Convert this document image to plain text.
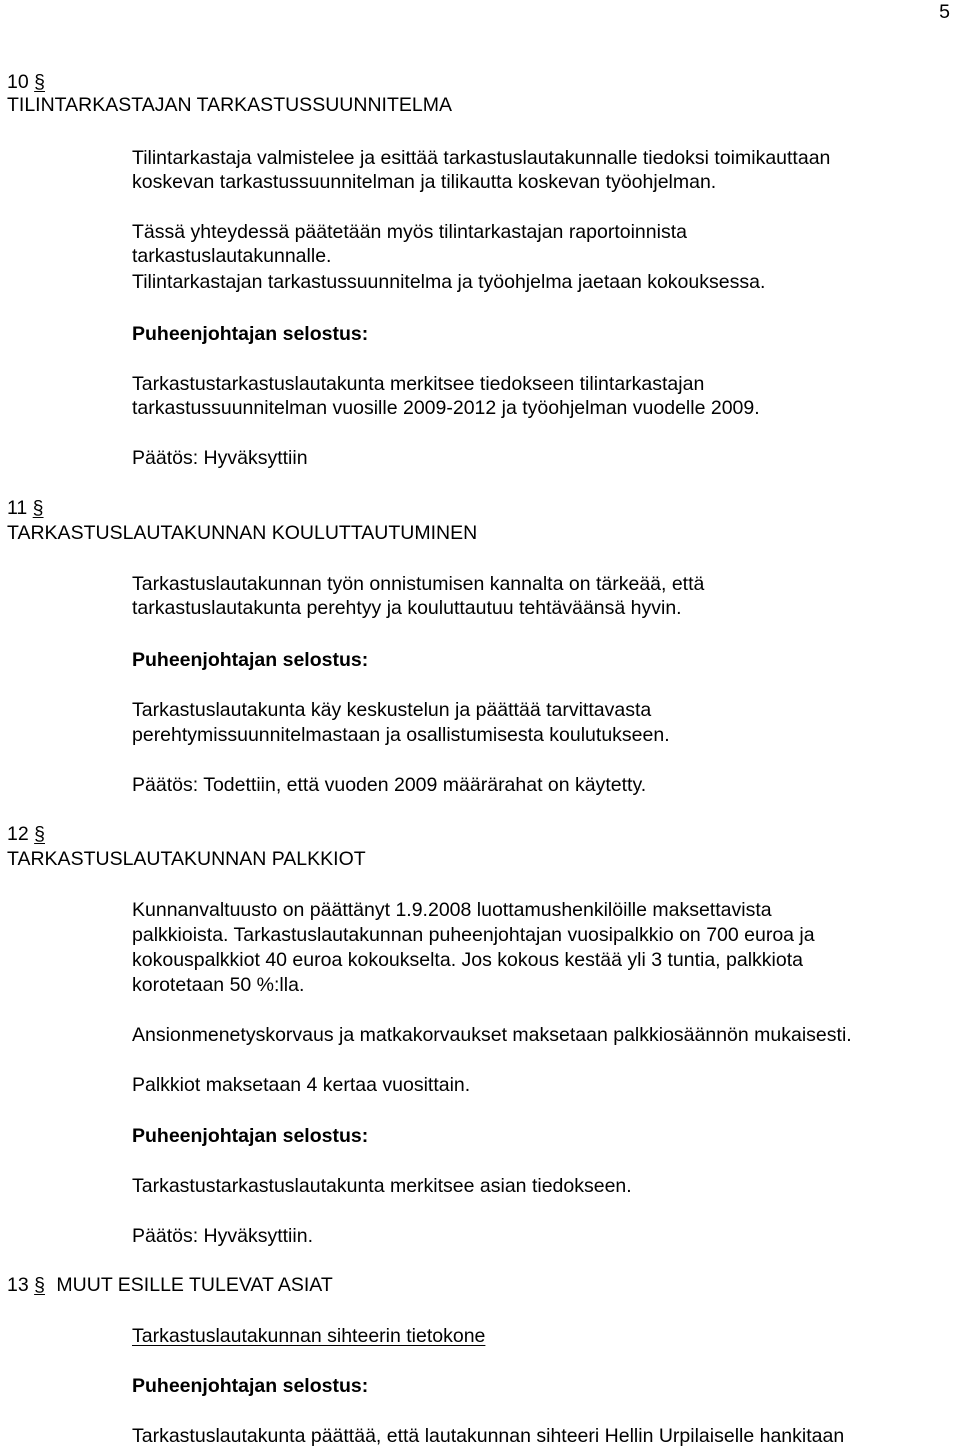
5
10 §
TILINTARKASTAJAN TARKASTUSSUUNNITELMA
Tilintarkastaja valmistelee ja esittää tarkastuslautakunnalle tiedoksi toimikauttaan
koskevan tarkastussuunnitelman ja tilikautta koskevan työohjelman.
Tässä yhteydessä päätetään myös tilintarkastajan raportoinnista
tarkastuslautakunnalle.
Tilintarkastajan tarkastussuunnitelma ja työohjelma jaetaan kokouksessa.
Puheenjohtajan selostus:
Tarkastustarkastuslautakunta merkitsee tiedokseen tilintarkastajan
tarkastussuunnitelman vuosille 2009-2012 ja työohjelman vuodelle 2009.
Päätös: Hyväksyttiin
11 §
TARKASTUSLAUTAKUNNAN KOULUTTAUTUMINEN
Tarkastuslautakunnan työn onnistumisen kannalta on tärkeää, että
tarkastuslautakunta perehtyy ja kouluttautuu tehtäväänsä hyvin.
Puheenjohtajan selostus:
Tarkastuslautakunta käy keskustelun ja päättää tarvittavasta
perehtymissuunnitelmastaan ja osallistumisesta koulutukseen.
Päätös: Todettiin, että vuoden 2009 määrärahat on käytetty.
12 §
TARKASTUSLAUTAKUNNAN PALKKIOT
Kunnanvaltuusto on päättänyt 1.9.2008 luottamushenkilöille maksettavista
palkkioista. Tarkastuslautakunnan puheenjohtajan vuosipalkkio on 700 euroa ja
kokouspalkkiot 40 euroa kokoukselta. Jos kokous kestää yli 3 tuntia, palkkiota
korotetaan 50 %:lla.
Ansionmenetyskorvaus ja matkakorvaukset maksetaan palkkiosäännön mukaisesti.
Palkkiot maksetaan 4 kertaa vuosittain.
Puheenjohtajan selostus:
Tarkastustarkastuslautakunta merkitsee asian tiedokseen.
Päätös: Hyväksyttiin.
13 § MUUT ESILLE TULEVAT ASIAT
Tarkastuslautakunnan sihteerin tietokone
Puheenjohtajan selostus:
Tarkastuslautakunta päättää, että lautakunnan sihteeri Hellin Urpilaiselle hankitaan
